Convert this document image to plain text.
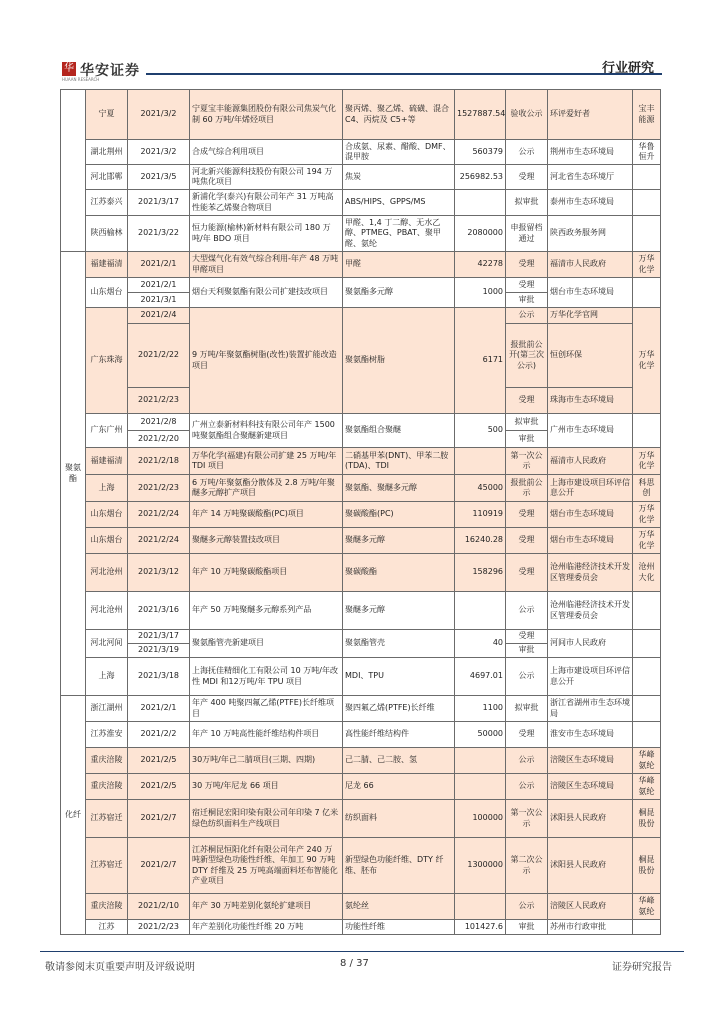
华 华安证券
HUAAN RESEARCH
行业研究
	宁夏	2021/3/2	宁夏宝丰能源集团股份有限公司焦炭气化制 60 万吨/年烯烃项目	聚丙烯、聚乙烯、硫磺、混合 C4、丙烷及 C5+等	1527887.54	验收公示	环评爱好者	宝丰能源
	湖北荆州	2021/3/2	合成气综合利用项目	合成氨、尿素、醋酸、DMF、混甲胺	560379	公示	荆州市生态环境局	华鲁恒升
	河北邯郸	2021/3/5	河北新兴能源科技股份有限公司 194 万吨焦化项目	焦炭	256982.53	受理	河北省生态环境厅	
	江苏泰兴	2021/3/17	新浦化学(泰兴)有限公司年产 31 万吨高性能苯乙烯聚合物项目	ABS/HIPS、GPPS/MS		拟审批	泰州市生态环境局	
	陕西榆林	2021/3/22	恒力能源(榆林)新材料有限公司 180 万吨/年 BDO 项目	甲醛、1,4 丁二醇、无水乙醇、PTMEG、PBAT、聚甲醛、氨纶	2080000	申报留档通过	陕西政务服务网	
聚氨酯	福建福清	2021/2/1	大型煤气化有效气综合利用-年产 48 万吨甲醛项目	甲醛	42278	受理	福清市人民政府	万华化学
	山东烟台	2021/2/1	烟台天利聚氨酯有限公司扩建技改项目	聚氨酯多元醇	1000	受理	烟台市生态环境局	
		2021/3/1				审批		
	广东珠海	2021/2/4	9 万吨/年聚氨酯树脂(改性)装置扩能改造项目	聚氨酯树脂	6171	公示	万华化学官网	万华化学
		2021/2/22				报批前公开(第三次公示)	恒创环保	
		2021/2/23				受理	珠海市生态环境局	
	广东广州	2021/2/8	广州立泰新材料科技有限公司年产 1500 吨聚氨酯组合聚醚新建项目	聚氨酯组合聚醚	500	拟审批	广州市生态环境局	
		2021/2/20				审批		
	福建福清	2021/2/18	万华化学(福建)有限公司扩建 25 万吨/年 TDI 项目	二硝基甲苯(DNT)、甲苯二胺(TDA)、TDI		第一次公示	福清市人民政府	万华化学
	上海	2021/2/23	6 万吨/年聚氨酯分散体及 2.8 万吨/年聚醚多元醇扩产项目	聚氨酯、聚醚多元醇	45000	报批前公示	上海市建设项目环评信息公开	科思创
	山东烟台	2021/2/24	年产 14 万吨聚碳酸酯(PC)项目	聚碳酸酯(PC)	110919	受理	烟台市生态环境局	万华化学
	山东烟台	2021/2/24	聚醚多元醇装置技改项目	聚醚多元醇	16240.28	受理	烟台市生态环境局	万华化学
	河北沧州	2021/3/12	年产 10 万吨聚碳酸酯项目	聚碳酸酯	158296	受理	沧州临港经济技术开发区管理委员会	沧州大化
	河北沧州	2021/3/16	年产 50 万吨聚醚多元醇系列产品	聚醚多元醇		公示	沧州临港经济技术开发区管理委员会	
	河北河间	2021/3/17	聚氨酯管壳新建项目	聚氨酯管壳	40	受理	河间市人民政府	
		2021/3/19				审批		
	上海	2021/3/18	上海抚佳精细化工有限公司 10 万吨/年改性 MDI 和12万吨/年 TPU 项目	MDI、TPU	4697.01	公示	上海市建设项目环评信息公开	
化纤	浙江湖州	2021/2/1	年产 400 吨聚四氟乙烯(PTFE)长纤维项目	聚四氟乙烯(PTFE)长纤维	1100	拟审批	浙江省湖州市生态环境局	
	江苏淮安	2021/2/2	年产 10 万吨高性能纤维结构件项目	高性能纤维结构件	50000	受理	淮安市生态环境局	
	重庆涪陵	2021/2/5	30万吨/年己二腈项目(三期、四期)	己二腈、己二胺、氢		公示	涪陵区生态环境局	华峰氨纶
	重庆涪陵	2021/2/5	30 万吨/年尼龙 66 项目	尼龙 66		公示	涪陵区生态环境局	华峰氨纶
	江苏宿迁	2021/2/7	宿迁桐昆宏阳印染有限公司年印染 7 亿米绿色纺织面料生产线项目	纺织面料	100000	第一次公示	沭阳县人民政府	桐昆股份
	江苏宿迁	2021/2/7	江苏桐昆恒阳化纤有限公司年产 240 万吨新型绿色功能性纤维、年加工 90 万吨 DTY 纤维及 25 万吨高端面料坯布智能化产业项目	新型绿色功能纤维、DTY 纤维、胚布	1300000	第二次公示	沭阳县人民政府	桐昆股份
	重庆涪陵	2021/2/10	年产 30 万吨差别化氨纶扩建项目	氨纶丝		公示	涪陵区人民政府	华峰氨纶
	江苏	2021/2/23	年产差别化功能性纤维 20 万吨	功能性纤维	101427.6	审批	苏州市行政审批	
敬请参阅末页重要声明及评级说明	8 / 37	证券研究报告
